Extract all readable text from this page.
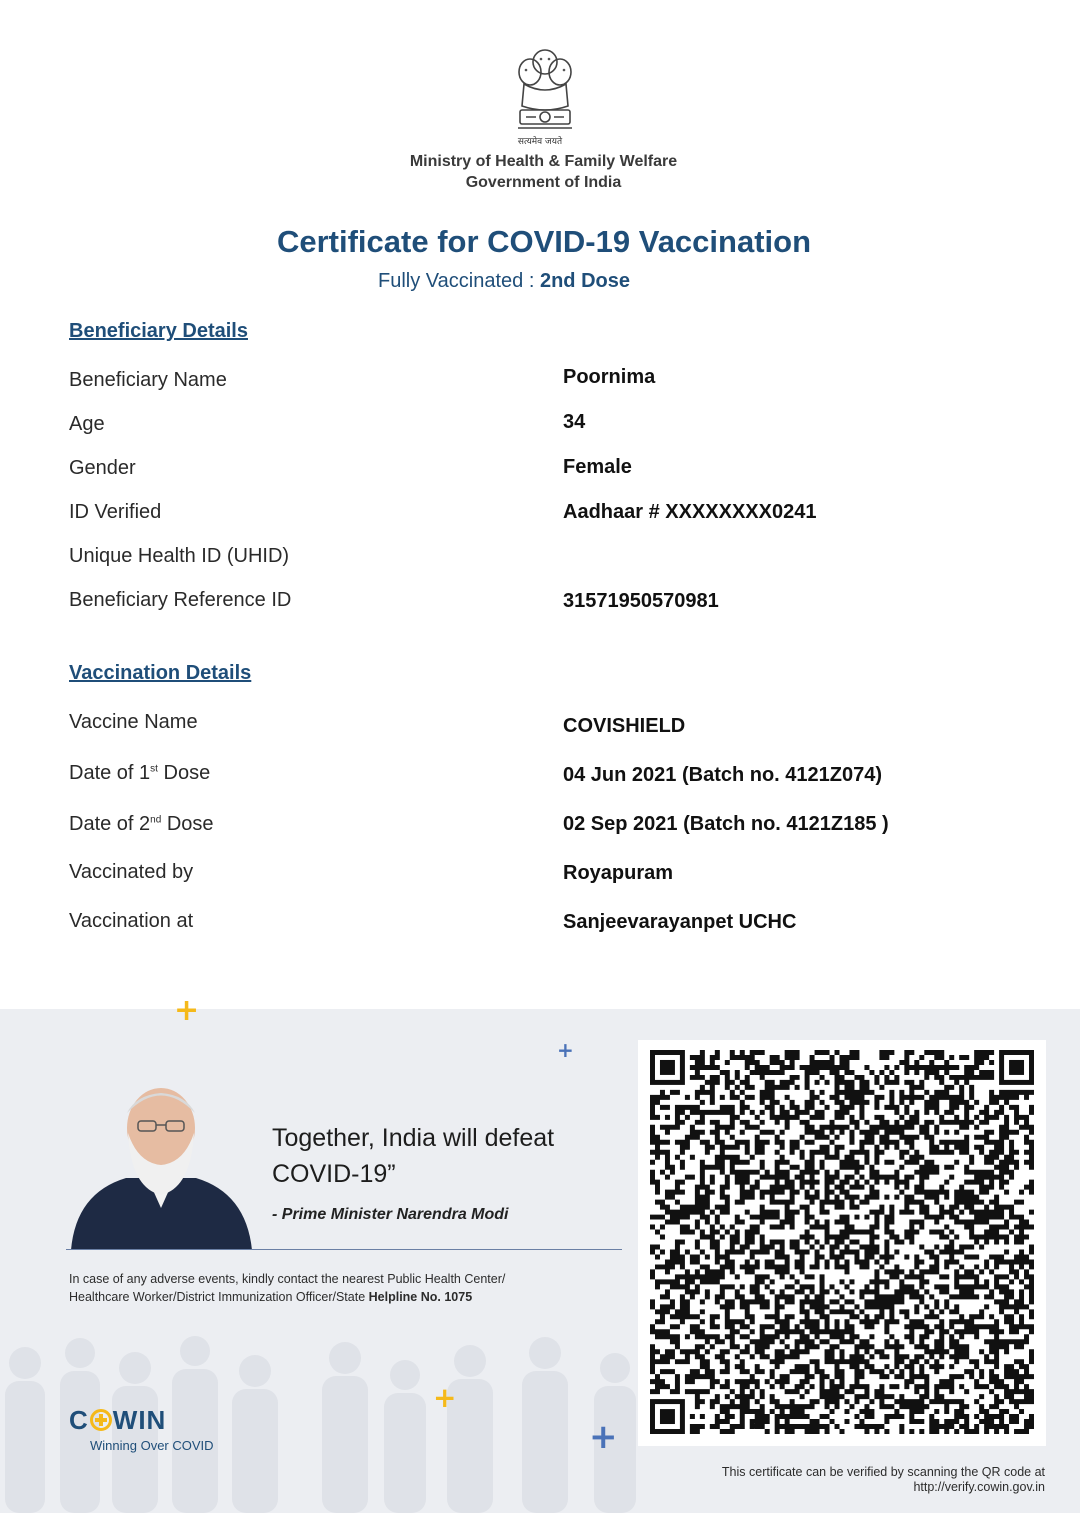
सत्यमेव जयते
Ministry of Health & Family Welfare
Government of India
Certificate for COVID-19 Vaccination
Fully Vaccinated : 2nd Dose
Beneficiary Details
Beneficiary Name	Poornima
Age	34
Gender	Female
ID Verified	Aadhaar # XXXXXXXX0241
Unique Health ID (UHID)
Beneficiary Reference ID	31571950570981
Vaccination Details
Vaccine Name	COVISHIELD
Date of 1st Dose	04 Jun 2021 (Batch no. 4121Z074)
Date of 2nd Dose	02 Sep 2021 (Batch no. 4121Z185 )
Vaccinated by	Royapuram
Vaccination at	Sanjeevarayanpet UCHC
+
+
+
+
Together, India will defeat
COVID-19”
- Prime Minister Narendra Modi
In case of any adverse events, kindly contact the nearest Public Health Center/
Healthcare Worker/District Immunization Officer/State Helpline No. 1075
C WIN
Winning Over COVID
This certificate can be verified by scanning the QR code at
http://verify.cowin.gov.in
